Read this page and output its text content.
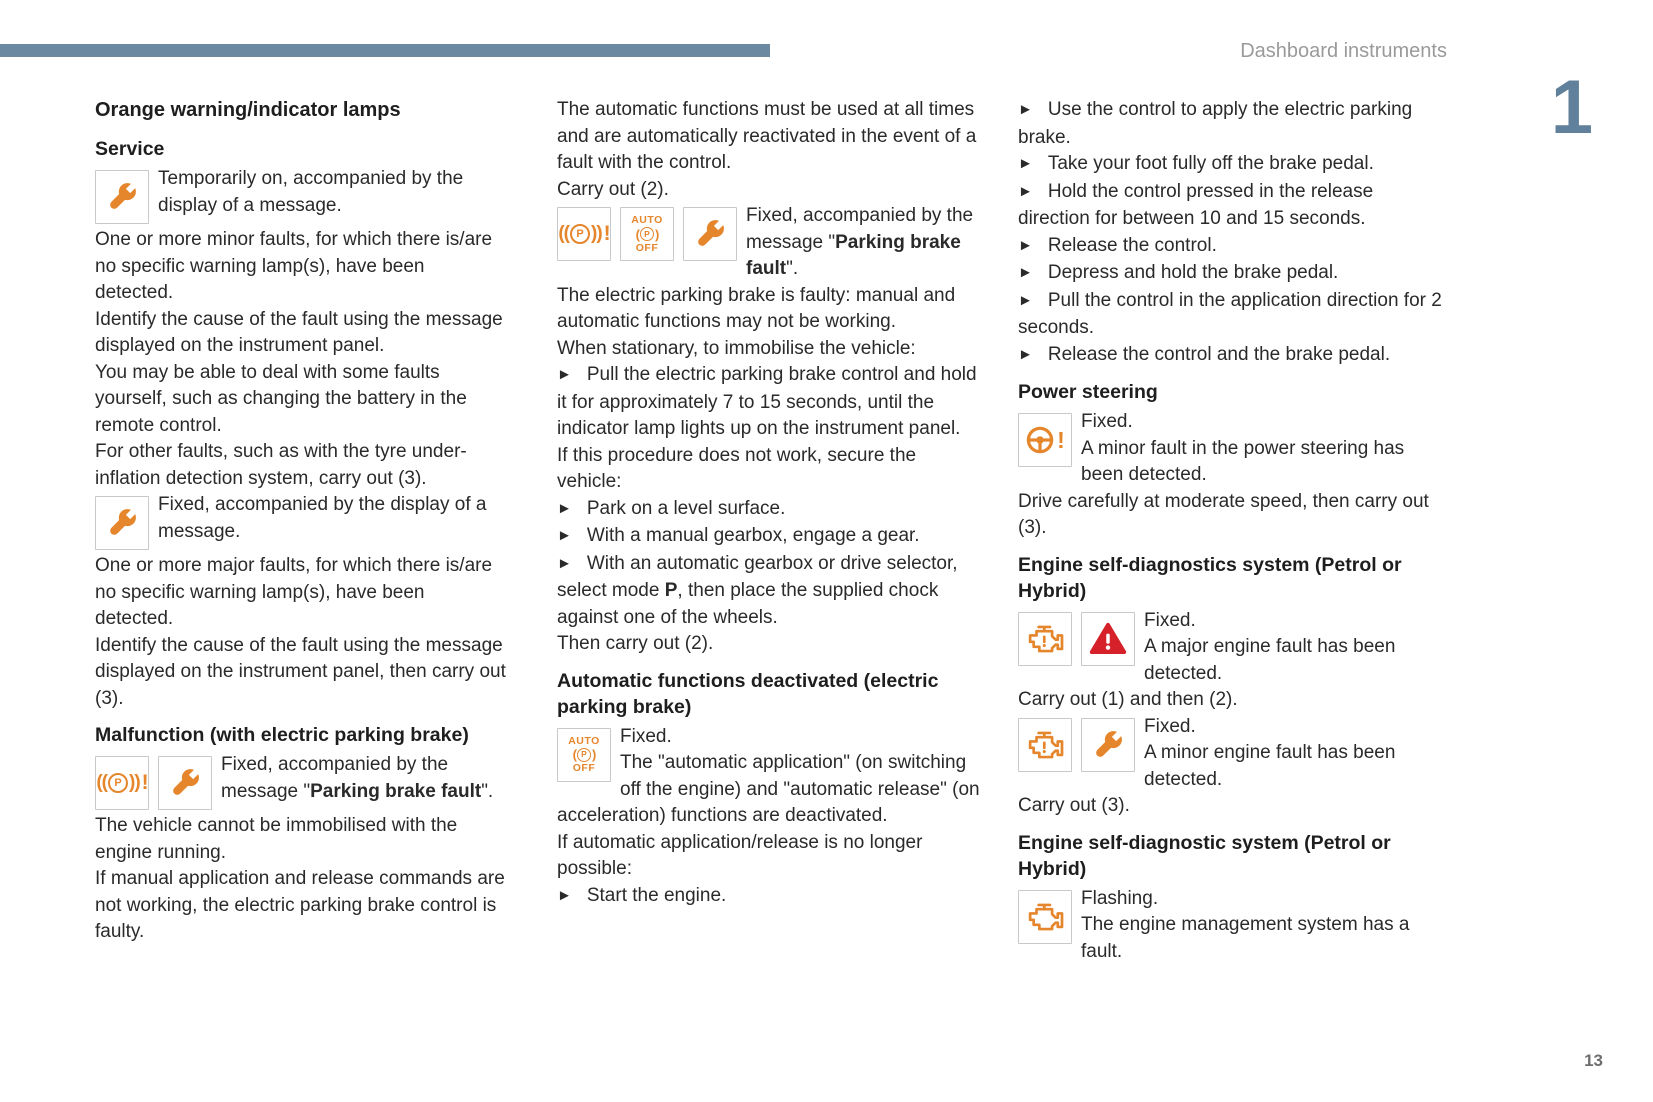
Dashboard instruments
1
13
Orange warning/indicator lamps
Service
Temporarily on, accompanied by the display of a message.

One or more minor faults, for which there is/are no specific warning lamp(s), have been detected.

Identify the cause of the fault using the message displayed on the instrument panel.

You may be able to deal with some faults yourself, such as changing the battery in the remote control.

For other faults, such as with the tyre under-inflation detection system, carry out (3).

Fixed, accompanied by the display of a message.

One or more major faults, for which there is/are no specific warning lamp(s), have been detected.

Identify the cause of the fault using the message displayed on the instrument panel, then carry out (3).

Malfunction (with electric parking brake)
(( P )) !
Fixed, accompanied by the message "Parking brake fault".

The vehicle cannot be immobilised with the engine running.

If manual application and release commands are not working, the electric parking brake control is faulty.

The automatic functions must be used at all times and are automatically reactivated in the event of a fault with the control.

Carry out (2).

(( P )) !
AUTO
( P )
OFF
Fixed, accompanied by the message "Parking brake fault".

The electric parking brake is faulty: manual and automatic functions may not be working.

When stationary, to immobilise the vehicle:

► Pull the electric parking brake control and hold it for approximately 7 to 15 seconds, until the indicator lamp lights up on the instrument panel.

If this procedure does not work, secure the vehicle:

► Park on a level surface.

► With a manual gearbox, engage a gear.

► With an automatic gearbox or drive selector, select mode P, then place the supplied chock against one of the wheels.

Then carry out (2).

Automatic functions deactivated (electric parking brake)
AUTO
( P )
OFF
Fixed.
The "automatic application" (on switching off the engine) and "automatic release" (on acceleration) functions are deactivated.

If automatic application/release is no longer possible:

► Start the engine.

► Use the control to apply the electric parking brake.

► Take your foot fully off the brake pedal.

► Hold the control pressed in the release direction for between 10 and 15 seconds.

► Release the control.

► Depress and hold the brake pedal.

► Pull the control in the application direction for 2 seconds.

► Release the control and the brake pedal.

Power steering
!
Fixed.
A minor fault in the power steering has been detected.

Drive carefully at moderate speed, then carry out (3).

Engine self-diagnostics system (Petrol or Hybrid)
Fixed.
A major engine fault has been detected.

Carry out (1) and then (2).

Fixed.
A minor engine fault has been detected.

Carry out (3).

Engine self-diagnostic system (Petrol or Hybrid)
Flashing.
The engine management system has a fault.
